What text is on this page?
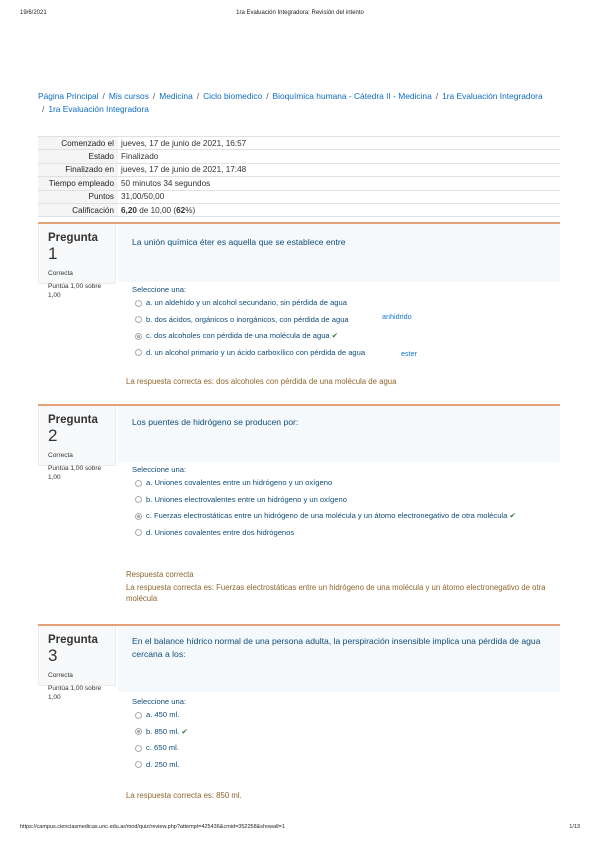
19/6/2021	1ra Evaluación Integradora: Revisión del intento
Página Principal / Mis cursos / Medicina / Ciclo biomedico / Bioquímica humana - Cátedra II - Medicina / 1ra Evaluación Integradora
/ 1ra Evaluación Integradora
Comenzado el	jueves, 17 de junio de 2021, 16:57
Estado	Finalizado
Finalizado en	jueves, 17 de junio de 2021, 17:48
Tiempo empleado	50 minutos 34 segundos
Puntos	31,00/50,00
Calificación	6,20 de 10,00 (62%)
Pregunta 1
Correcta
Puntúa 1,00 sobre 1,00
La unión química éter es aquella que se establece entre
Seleccione una:
a. un aldehído y un alcohol secundario, sin pérdida de agua
b. dos ácidos, orgánicos o inorgánicos, con pérdida de agua
c. dos alcoholes con pérdida de una molécula de agua ✔
d. un alcohol primario y un ácido carboxílico con pérdida de agua
anhidrido
ester
La respuesta correcta es: dos alcoholes con pérdida de una molécula de agua
Pregunta 2
Correcta
Puntúa 1,00 sobre 1,00
Los puentes de hidrógeno se producen por:
Seleccione una:
a. Uniones covalentes entre un hidrógeno y un oxígeno
b. Uniones electrovalentes entre un hidrógeno y un oxígeno
c. Fuerzas electrostáticas entre un hidrógeno de una molécula y un átomo electronegativo de otra molécula ✔
d. Uniones covalentes entre dos hidrógenos
Respuesta correcta
La respuesta correcta es: Fuerzas electrostáticas entre un hidrógeno de una molécula y un átomo electronegativo de otra molécula
Pregunta 3
Correcta
Puntúa 1,00 sobre 1,00
En el balance hídrico normal de una persona adulta, la perspiración insensible implica una pérdida de agua cercana a los:
Seleccione una:
a. 450 ml.
b. 850 ml. ✔
c. 650 ml.
d. 250 ml.
La respuesta correcta es: 850 ml.
https://campus.cienciasmedicas.unc.edu.ar/mod/quiz/review.php?attempt=425436&cmid=352258&showall=1	1/13
